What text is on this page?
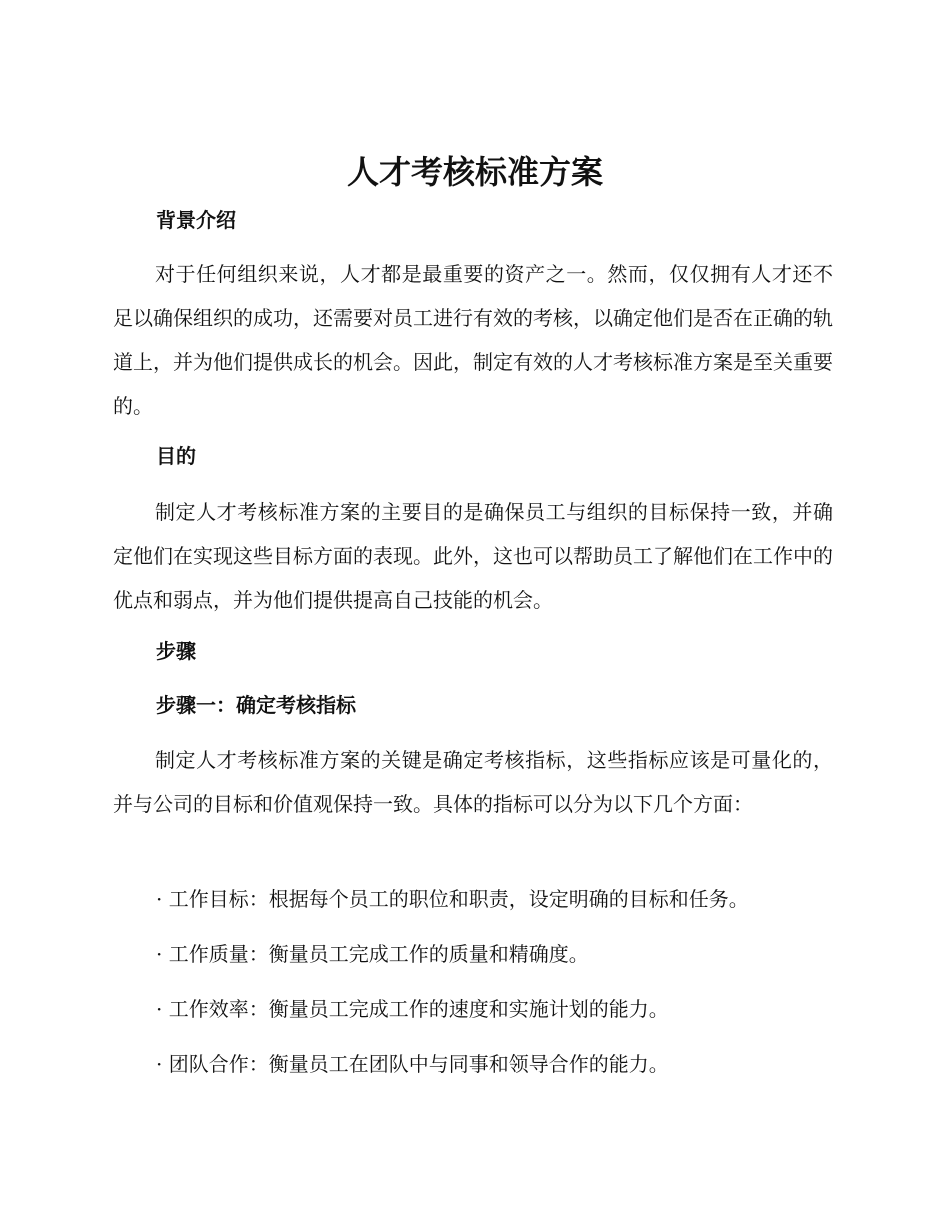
人才考核标准方案
背景介绍

对于任何组织来说，人才都是最重要的资产之一。然而，仅仅拥有人才还不足以确保组织的成功，还需要对员工进行有效的考核，以确定他们是否在正确的轨道上，并为他们提供成长的机会。因此，制定有效的人才考核标准方案是至关重要的。

目的

制定人才考核标准方案的主要目的是确保员工与组织的目标保持一致，并确定他们在实现这些目标方面的表现。此外，这也可以帮助员工了解他们在工作中的优点和弱点，并为他们提供提高自己技能的机会。

步骤
步骤一：确定考核指标

制定人才考核标准方案的关键是确定考核指标，这些指标应该是可量化的，并与公司的目标和价值观保持一致。具体的指标可以分为以下几个方面：

· 工作目标：根据每个员工的职位和职责，设定明确的目标和任务。

· 工作质量：衡量员工完成工作的质量和精确度。

· 工作效率：衡量员工完成工作的速度和实施计划的能力。

· 团队合作：衡量员工在团队中与同事和领导合作的能力。
